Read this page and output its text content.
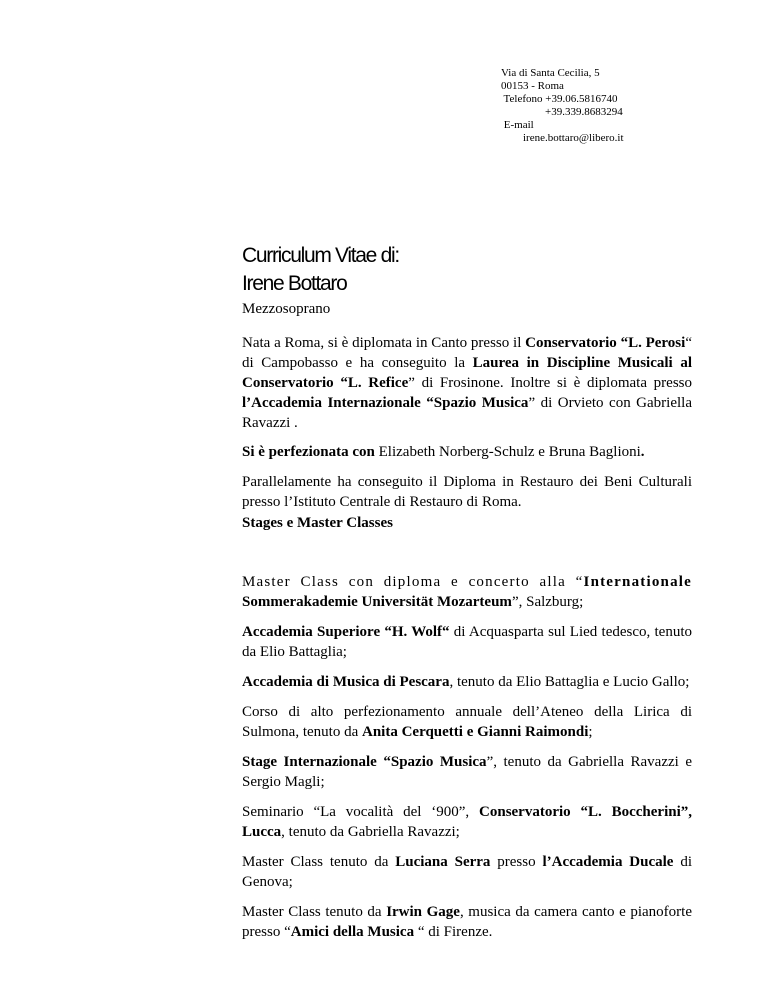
Via di Santa Cecilia, 5
00153 - Roma
Telefono +39.06.5816740
+39.339.8683294
E-mail
irene.bottaro@libero.it
Curriculum Vitae di:
Irene Bottaro
Mezzosoprano

Nata a Roma, si è diplomata in Canto presso il Conservatorio “L. Perosi“ di Campobasso e ha conseguito la Laurea in Discipline Musicali al Conservatorio “L. Refice” di Frosinone. Inoltre si è diplomata presso l’Accademia Internazionale “Spazio Musica” di Orvieto con Gabriella Ravazzi .

Si è perfezionata con Elizabeth Norberg-Schulz e Bruna Baglioni.

Parallelamente ha conseguito il Diploma in Restauro dei Beni Culturali presso l’Istituto Centrale di Restauro di Roma.

Stages e Master Classes

Master Class con diploma e concerto alla “Internationale Sommerakademie Universität Mozarteum”, Salzburg;

Accademia Superiore “H. Wolf“ di Acquasparta sul Lied tedesco, tenuto da Elio Battaglia;

Accademia di Musica di Pescara, tenuto da Elio Battaglia e Lucio Gallo;

Corso di alto perfezionamento annuale dell’Ateneo della Lirica di Sulmona, tenuto da Anita Cerquetti e Gianni Raimondi;

Stage Internazionale “Spazio Musica”, tenuto da Gabriella Ravazzi e Sergio Magli;

Seminario “La vocalità del ‘900”, Conservatorio “L. Boccherini”, Lucca, tenuto da Gabriella Ravazzi;

Master Class tenuto da Luciana Serra presso l’Accademia Ducale di Genova;

Master Class tenuto da Irwin Gage, musica da camera canto e pianoforte presso “Amici della Musica “ di Firenze.
